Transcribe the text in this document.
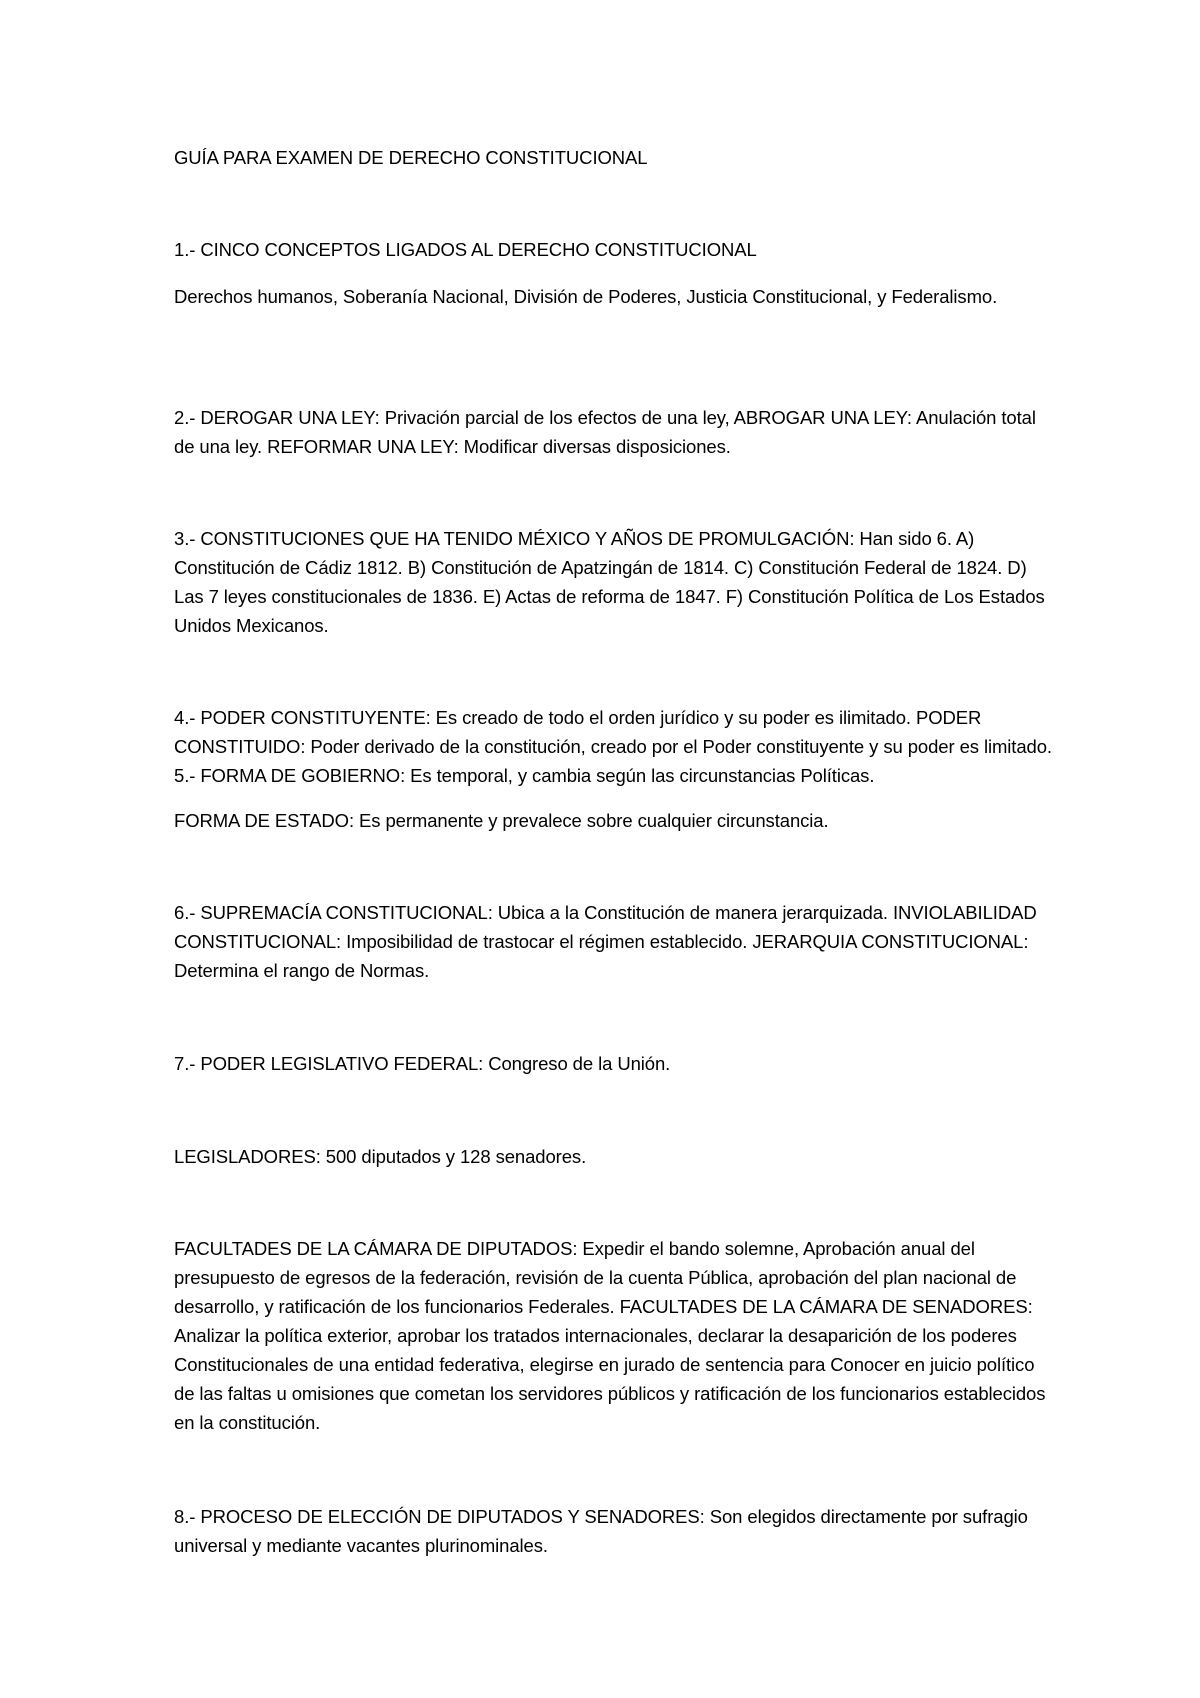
GUÍA PARA EXAMEN DE DERECHO CONSTITUCIONAL

1.- CINCO CONCEPTOS LIGADOS AL DERECHO CONSTITUCIONAL

Derechos humanos, Soberanía Nacional, División de Poderes, Justicia Constitucional, y Federalismo.

2.- DEROGAR UNA LEY: Privación parcial de los efectos de una ley, ABROGAR UNA LEY: Anulación total de una ley. REFORMAR UNA LEY: Modificar diversas disposiciones.

3.- CONSTITUCIONES QUE HA TENIDO MÉXICO Y AÑOS DE PROMULGACIÓN: Han sido 6. A) Constitución de Cádiz 1812. B) Constitución de Apatzingán de 1814. C) Constitución Federal de 1824. D) Las 7 leyes constitucionales de 1836. E) Actas de reforma de 1847. F) Constitución Política de Los Estados Unidos Mexicanos.

4.- PODER CONSTITUYENTE: Es creado de todo el orden jurídico y su poder es ilimitado. PODER CONSTITUIDO: Poder derivado de la constitución, creado por el Poder constituyente y su poder es limitado. 5.- FORMA DE GOBIERNO: Es temporal, y cambia según las circunstancias Políticas.

FORMA DE ESTADO: Es permanente y prevalece sobre cualquier circunstancia.

6.- SUPREMACÍA CONSTITUCIONAL: Ubica a la Constitución de manera jerarquizada. INVIOLABILIDAD CONSTITUCIONAL: Imposibilidad de trastocar el régimen establecido. JERARQUIA CONSTITUCIONAL: Determina el rango de Normas.

7.- PODER LEGISLATIVO FEDERAL: Congreso de la Unión.

LEGISLADORES: 500 diputados y 128 senadores.

FACULTADES DE LA CÁMARA DE DIPUTADOS: Expedir el bando solemne, Aprobación anual del presupuesto de egresos de la federación, revisión de la cuenta Pública, aprobación del plan nacional de desarrollo, y ratificación de los funcionarios Federales. FACULTADES DE LA CÁMARA DE SENADORES: Analizar la política exterior, aprobar los tratados internacionales, declarar la desaparición de los poderes Constitucionales de una entidad federativa, elegirse en jurado de sentencia para Conocer en juicio político de las faltas u omisiones que cometan los servidores públicos y ratificación de los funcionarios establecidos en la constitución.

8.- PROCESO DE ELECCIÓN DE DIPUTADOS Y SENADORES: Son elegidos directamente por sufragio universal y mediante vacantes plurinominales.
